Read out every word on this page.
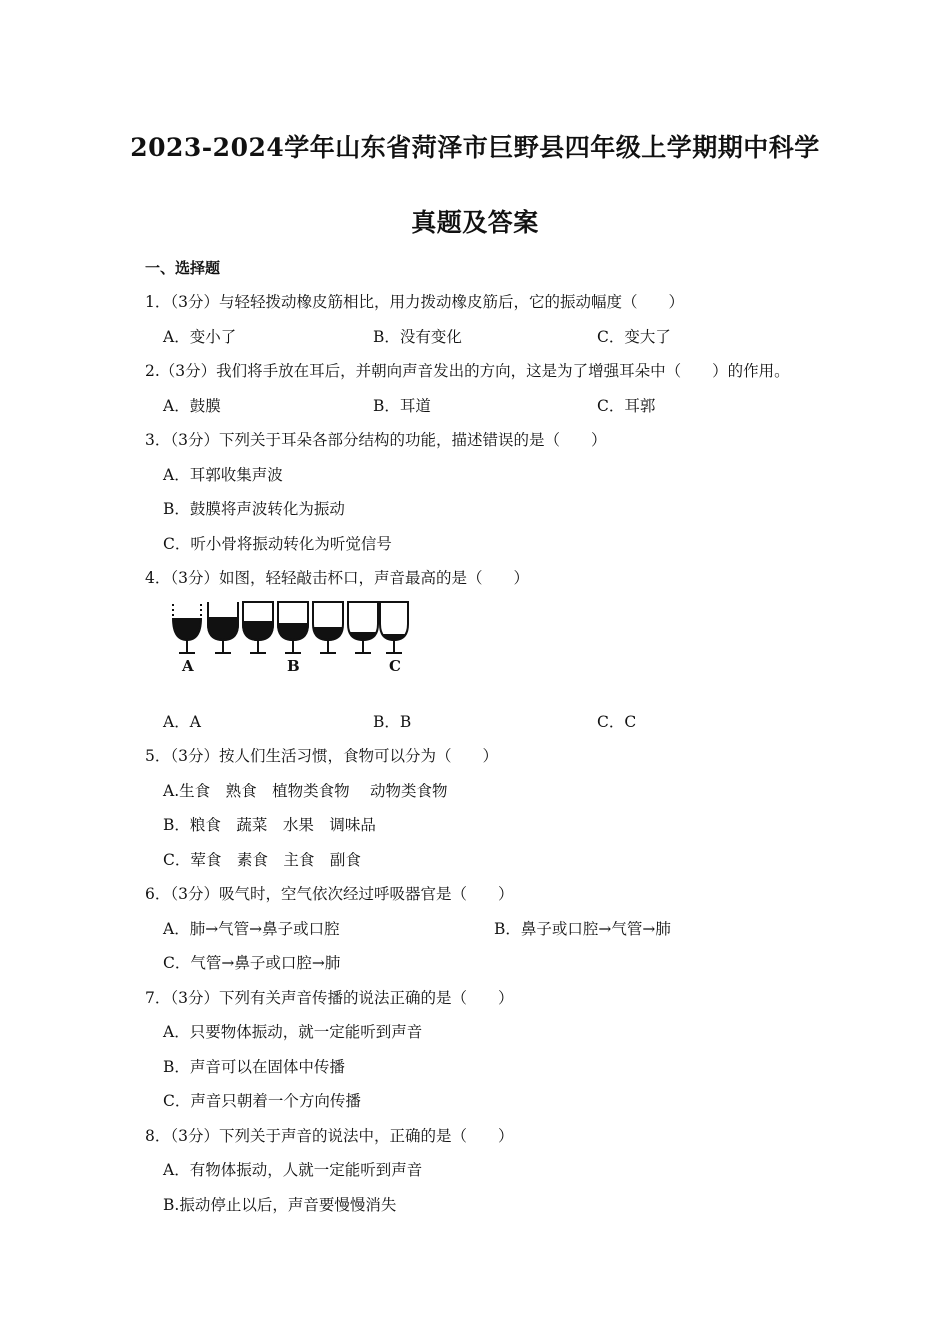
2023-2024学年山东省菏泽市巨野县四年级上学期期中科学
真题及答案
一、选择题
1．（3分）与轻轻拨动橡皮筋相比，用力拨动橡皮筋后，它的振动幅度（　　）
A．变小了	B．没有变化	C．变大了
2.（3分）我们将手放在耳后，并朝向声音发出的方向，这是为了增强耳朵中（　　）的作用。
A．鼓膜	B．耳道	C．耳郭
3．（3分）下列关于耳朵各部分结构的功能，描述错误的是（　　）
A．耳郭收集声波
B．鼓膜将声波转化为振动
C．听小骨将振动转化为听觉信号
4．（3分）如图，轻轻敲击杯口，声音最高的是（　　）
A	B	C
A．A	B．B	C．C
5．（3分）按人们生活习惯，食物可以分为（　　）
A.生食　熟食　植物类食物　 动物类食物
B．粮食　蔬菜　水果　调味品
C．荤食　素食　主食　副食
6．（3分）吸气时，空气依次经过呼吸器官是（　　）
A．肺→气管→鼻子或口腔	B．鼻子或口腔→气管→肺
C．气管→鼻子或口腔→肺
7．（3分）下列有关声音传播的说法正确的是（　　）
A．只要物体振动，就一定能听到声音
B．声音可以在固体中传播
C．声音只朝着一个方向传播
8．（3分）下列关于声音的说法中，正确的是（　　）
A．有物体振动，人就一定能听到声音
B.振动停止以后，声音要慢慢消失
